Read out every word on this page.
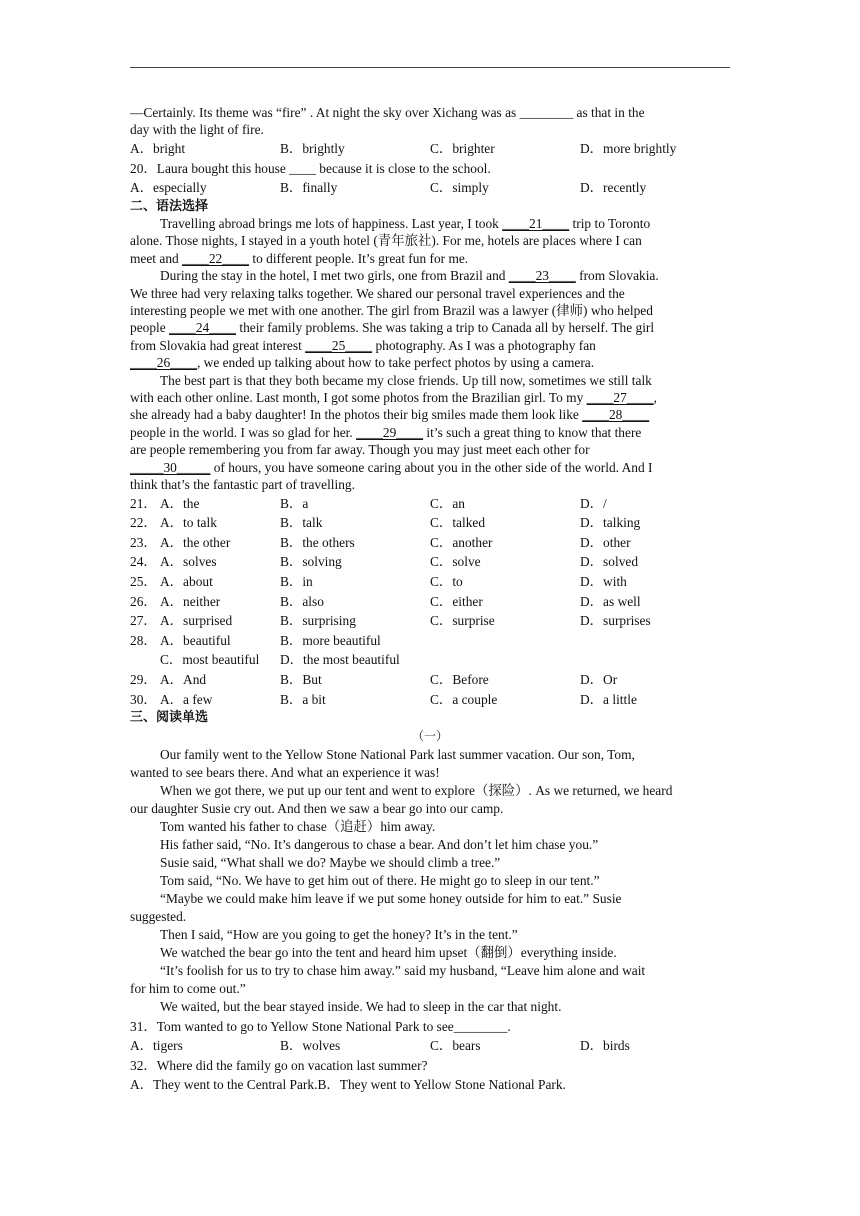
—Certainly. Its theme was “fire” . At night the sky over Xichang was as ________ as that in the
day with the light of fire.
A．bright	B．brightly	C．brighter	D．more brightly
20．Laura bought this house ____ because it is close to the school.
A．especially	B．finally	C．simply	D．recently
二、语法选择
Travelling abroad brings me lots of happiness. Last year, I took ____21____ trip to Toronto
alone. Those nights, I stayed in a youth hotel (青年旅社). For me, hotels are places where I can
meet and ____22____ to different people. It’s great fun for me.
During the stay in the hotel, I met two girls, one from Brazil and ____23____ from Slovakia.
We three had very relaxing talks together. We shared our personal travel experiences and the
interesting people we met with one another. The girl from Brazil was a lawyer (律师) who helped
people ____24____ their family problems. She was taking a trip to Canada all by herself. The girl
from Slovakia had great interest ____25____ photography. As I was a photography fan
____26____, we ended up talking about how to take perfect photos by using a camera.
The best part is that they both became my close friends. Up till now, sometimes we still talk
with each other online. Last month, I got some photos from the Brazilian girl. To my ____27____,
she already had a baby daughter! In the photos their big smiles made them look like ____28____
people in the world. I was so glad for her. ____29____ it’s such a great thing to know that there
are people remembering you from far away. Though you may just meet each other for
_____30_____ of hours, you have someone caring about you in the other side of the world. And I
think that’s the fantastic part of travelling.
21． A．the	B．a	C．an	D．/
22． A．to talk	B．talk	C．talked	D．talking
23． A．the other	B．the others	C．another	D．other
24． A．solves	B．solving	C．solve	D．solved
25． A．about	B．in	C．to	D．with
26． A．neither	B．also	C．either	D．as well
27． A．surprised	B．surprising	C．surprise	D．surprises
28． A．beautiful	B．more beautiful
C．most beautiful	D．the most beautiful
29． A．And	B．But	C．Before	D．Or
30． A．a few	B．a bit	C．a couple	D．a little
三、阅读单选
（一）
Our family went to the Yellow Stone National Park last summer vacation. Our son, Tom,
wanted to see bears there. And what an experience it was!
When we got there, we put up our tent and went to explore（探险）. As we returned, we heard
our daughter Susie cry out. And then we saw a bear go into our camp.
Tom wanted his father to chase（追赶）him away.
His father said, “No. It’s dangerous to chase a bear. And don’t let him chase you.”
Susie said, “What shall we do? Maybe we should climb a tree.”
Tom said, “No. We have to get him out of there. He might go to sleep in our tent.”
“Maybe we could make him leave if we put some honey outside for him to eat.” Susie
suggested.
Then I said, “How are you going to get the honey? It’s in the tent.”
We watched the bear go into the tent and heard him upset（翻倒）everything inside.
“It’s foolish for us to try to chase him away.” said my husband, “Leave him alone and wait
for him to come out.”
We waited, but the bear stayed inside. We had to sleep in the car that night.
31．Tom wanted to go to Yellow Stone National Park to see________.
A．tigers	B．wolves	C．bears	D．birds
32．Where did the family go on vacation last summer?
A．They went to the Central Park. B．They went to Yellow Stone National Park.
